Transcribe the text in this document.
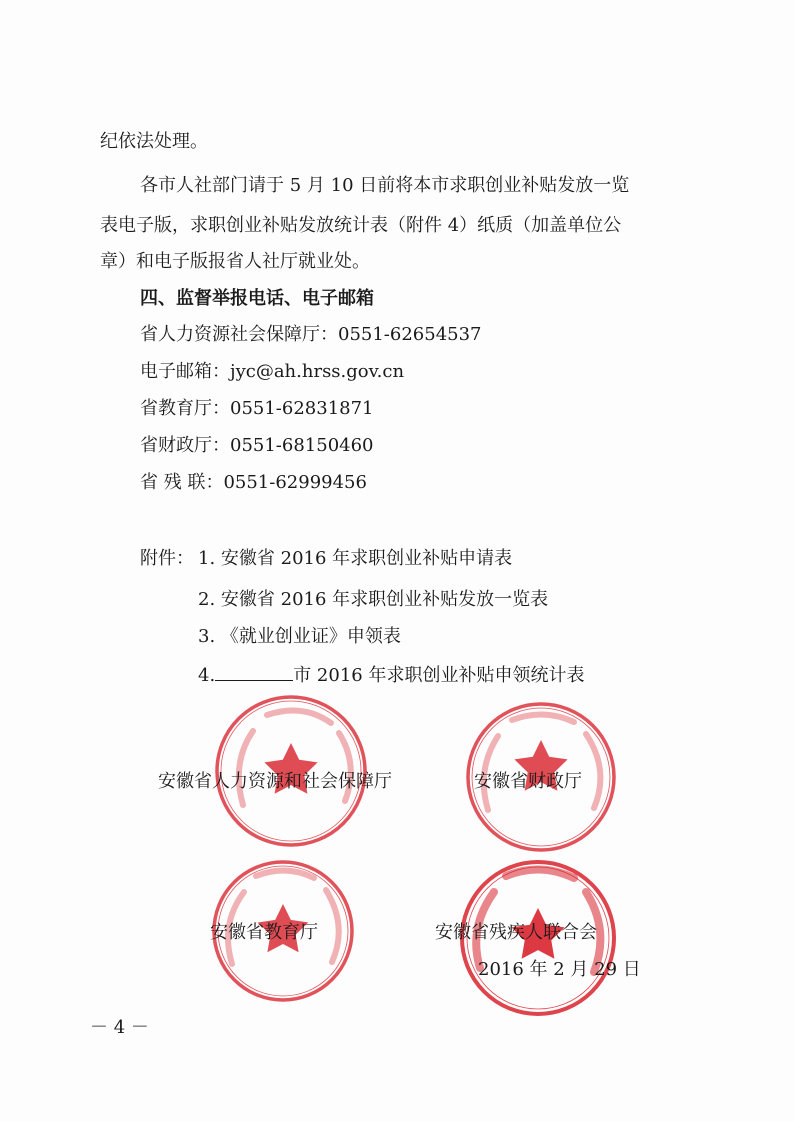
纪依法处理。
各市人社部门请于 5 月 10 日前将本市求职创业补贴发放一览
表电子版，求职创业补贴发放统计表（附件 4）纸质（加盖单位公
章）和电子版报省人社厅就业处。
四、监督举报电话、电子邮箱
省人力资源社会保障厅：0551-62654537
电子邮箱：jyc@ah.hrss.gov.cn
省教育厅：0551-62831871
省财政厅：0551-68150460
省 残 联：0551-62999456
附件： 1. 安徽省 2016 年求职创业补贴申请表
2. 安徽省 2016 年求职创业补贴发放一览表
3. 《就业创业证》申领表
4.	市 2016 年求职创业补贴申领统计表
安徽省人力资源和社会保障厅	安徽省财政厅
安徽省教育厅	安徽省残疾人联合会
2016 年 2 月 29 日
－ 4 －
